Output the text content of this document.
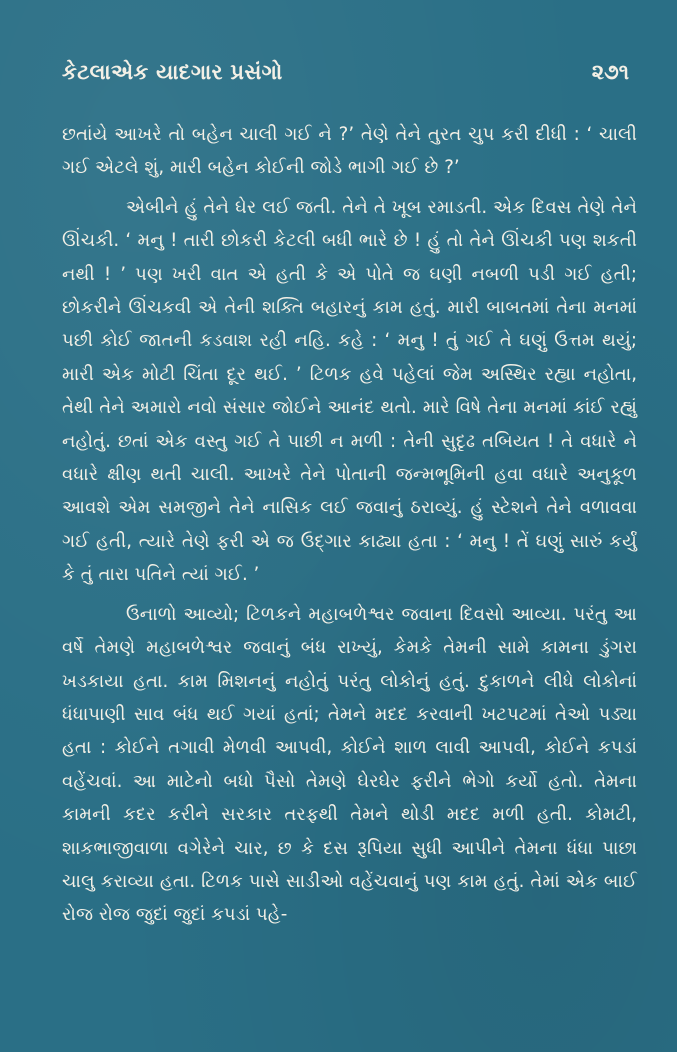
કેટલાએક યાદગાર પ્રસંગો	૨૭૧

છતાંયે આખરે તો બહેન ચાલી ગઈ ને ?’ તેણે તેને તુરત ચુપ કરી દીધી : ‘ ચાલી ગઈ એટલે શું, મારી બહેન કોઈની જોડે ભાગી ગઈ છે ?’

એબીને હું તેને ઘેર લઈ જતી. તેને તે ખૂબ રમાડતી. એક દિવસ તેણે તેને ઊંચકી. ‘ મનુ ! તારી છોકરી કેટલી બધી ભારે છે ! હું તો તેને ઊંચકી પણ શકતી નથી ! ’ પણ ખરી વાત એ હતી કે એ પોતે જ ઘણી નબળી પડી ગઈ હતી; છોકરીને ઊંચકવી એ તેની શક્તિ બહારનું કામ હતું. મારી બાબતમાં તેના મનમાં પછી કોઈ જાતની કડવાશ રહી નહિ. કહે : ‘ મનુ ! તું ગઈ તે ઘણું ઉત્તમ થયું; મારી એક મોટી ચિંતા દૂર થઈ. ’ ટિળક હવે પહેલાં જેમ અસ્થિર રહ્યા નહોતા, તેથી તેને અમારો નવો સંસાર જોઈને આનંદ થતો. મારે વિષે તેના મનમાં કાંઈ રહ્યું નહોતું. છતાં એક વસ્તુ ગઈ તે પાછી ન મળી : તેની સુદૃઢ તબિયત ! તે વધારે ને વધારે ક્ષીણ થતી ચાલી. આખરે તેને પોતાની જન્મભૂમિની હવા વધારે અનુકૂળ આવશે એમ સમજીને તેને નાસિક લઈ જવાનું ઠરાવ્યું. હું સ્ટેશને તેને વળાવવા ગઈ હતી, ત્યારે તેણે ફરી એ જ ઉદ્ગાર કાઢ્યા હતા : ‘ મનુ ! તેં ઘણું સારું કર્યું કે તું તારા પતિને ત્યાં ગઈ. ’

ઉનાળો આવ્યો; ટિળકને મહાબળેશ્વર જવાના દિવસો આવ્યા. પરંતુ આ વર્ષે તેમણે મહાબળેશ્વર જવાનું બંધ રાખ્યું, કેમકે તેમની સામે કામના ડુંગરા ખડકાયા હતા. કામ મિશનનું નહોતું પરંતુ લોકોનું હતું. દુકાળને લીધે લોકોનાં ધંધાપાણી સાવ બંધ થઈ ગયાં હતાં; તેમને મદદ કરવાની ખટપટમાં તેઓ પડ્યા હતા : કોઈને તગાવી મેળવી આપવી, કોઈને શાળ લાવી આપવી, કોઈને કપડાં વહેંચવાં. આ માટેનો બધો પૈસો તેમણે ઘેરઘેર ફરીને ભેગો કર્યો હતો. તેમના કામની કદર કરીને સરકાર તરફથી તેમને થોડી મદદ મળી હતી. કોમટી, શાકભાજીવાળા વગેરેને ચાર, છ કે દસ રૂપિયા સુધી આપીને તેમના ધંધા પાછા ચાલુ કરાવ્યા હતા. ટિળક પાસે સાડીઓ વહેંચવાનું પણ કામ હતું. તેમાં એક બાઈ રોજ રોજ જુદાં જુદાં કપડાં પહે-
